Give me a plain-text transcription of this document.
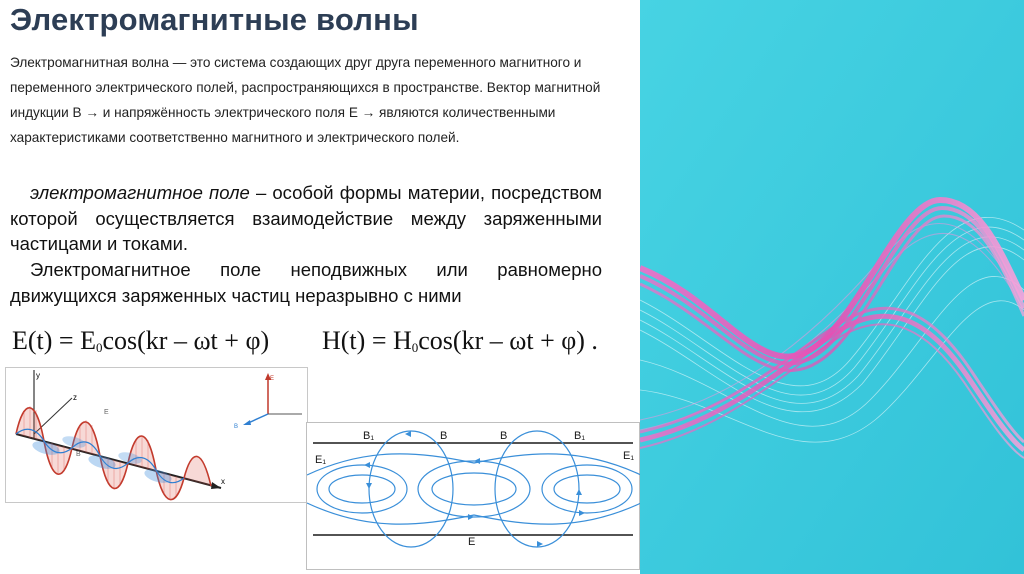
Электромагнитные волны

Электромагнитная волна — это система создающих друг друга переменного магнитного и переменного электрического полей, распространяющихся в пространстве. Вектор магнитной индукции B → и напряжённость электрического поля E → являются количественными характеристиками соответственно магнитного и электрического полей.

электромагнитное поле – особой формы материи, посредством которой осуществляется взаимодействие между заряженными частицами и токами.

Электромагнитное поле неподвижных или равномерно движущихся заряженных частиц неразрывно с ними

$E(t) = E_0\cos(kr - \omega t + \varphi) H(t) = H_0\cos(kr - \omega t + \varphi)$ .
y
z
x
E
B
E
B
E₁
B₁	B	B	B₁
E₁
E
